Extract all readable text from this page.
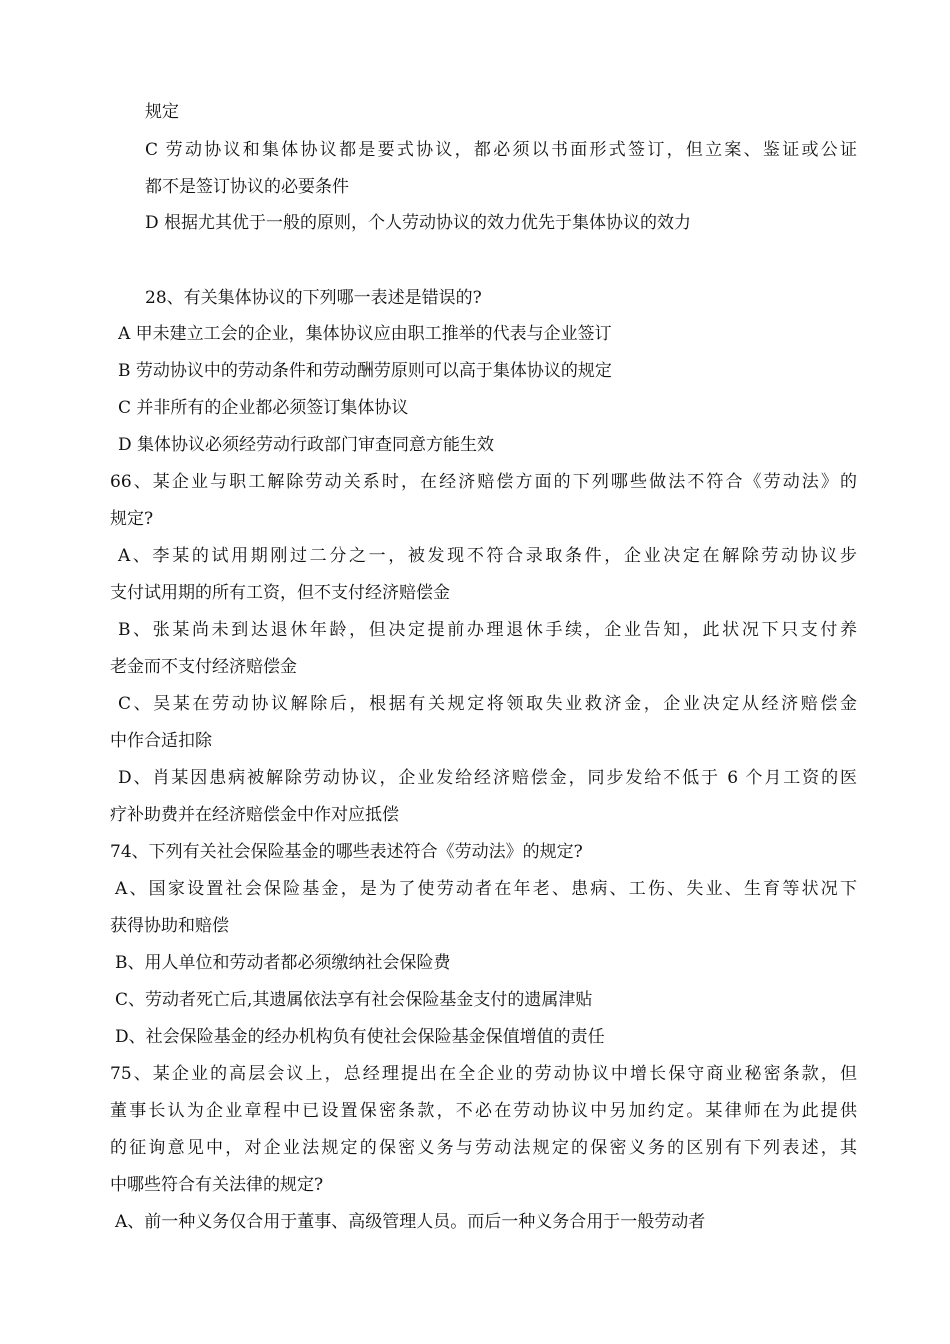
规定
C 劳动协议和集体协议都是要式协议，都必须以书面形式签订，但立案、鉴证或公证
都不是签订协议的必要条件
D 根据尤其优于一般的原则，个人劳动协议的效力优先于集体协议的效力
28、有关集体协议的下列哪一表述是错误的?
A 甲未建立工会的企业，集体协议应由职工推举的代表与企业签订
B 劳动协议中的劳动条件和劳动酬劳原则可以高于集体协议的规定
C 并非所有的企业都必须签订集体协议
D 集体协议必须经劳动行政部门审查同意方能生效
66、某企业与职工解除劳动关系时，在经济赔偿方面的下列哪些做法不符合《劳动法》的
规定?
A、李某的试用期刚过二分之一，被发现不符合录取条件，企业决定在解除劳动协议步
支付试用期的所有工资，但不支付经济赔偿金
B、张某尚未到达退休年龄，但决定提前办理退休手续，企业告知，此状况下只支付养
老金而不支付经济赔偿金
C、吴某在劳动协议解除后，根据有关规定将领取失业救济金，企业决定从经济赔偿金
中作合适扣除
D、肖某因患病被解除劳动协议，企业发给经济赔偿金，同步发给不低于 6 个月工资的医
疗补助费并在经济赔偿金中作对应抵偿
74、下列有关社会保险基金的哪些表述符合《劳动法》的规定?
A、国家设置社会保险基金，是为了使劳动者在年老、患病、工伤、失业、生育等状况下
获得协助和赔偿
B、用人单位和劳动者都必须缴纳社会保险费
C、劳动者死亡后,其遗属依法享有社会保险基金支付的遗属津贴
D、社会保险基金的经办机构负有使社会保险基金保值增值的责任
75、某企业的高层会议上，总经理提出在全企业的劳动协议中增长保守商业秘密条款，但
董事长认为企业章程中已设置保密条款，不必在劳动协议中另加约定。某律师在为此提供
的征询意见中，对企业法规定的保密义务与劳动法规定的保密义务的区别有下列表述，其
中哪些符合有关法律的规定?
A、前一种义务仅合用于董事、高级管理人员。而后一种义务合用于一般劳动者
